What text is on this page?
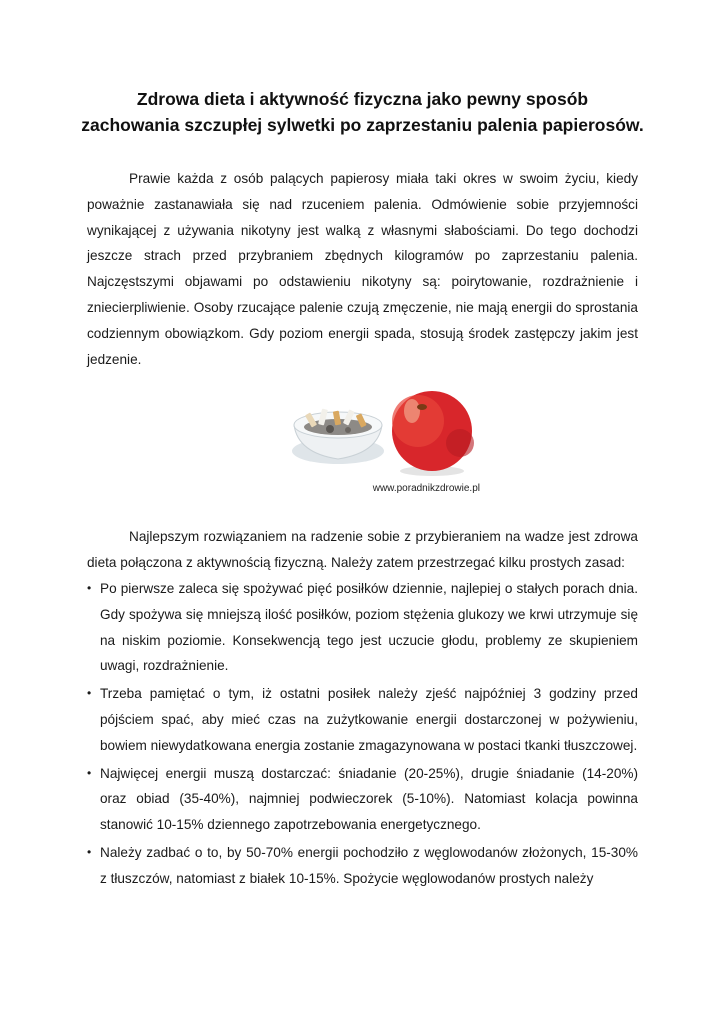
Zdrowa dieta i aktywność fizyczna jako pewny sposób
zachowania szczupłej sylwetki po zaprzestaniu palenia papierosów.

Prawie każda z osób palących papierosy miała taki okres w swoim życiu, kiedy poważnie zastanawiała się nad rzuceniem palenia. Odmówienie sobie przyjemności wynikającej z używania nikotyny jest walką z własnymi słabościami. Do tego dochodzi jeszcze strach przed przybraniem zbędnych kilogramów po zaprzestaniu palenia. Najczęstszymi objawami po odstawieniu nikotyny są: poirytowanie, rozdrażnienie i zniecierpliwienie. Osoby rzucające palenie czują zmęczenie, nie mają energii do sprostania codziennym obowiązkom. Gdy poziom energii spada, stosują środek zastępczy jakim jest jedzenie.

www.poradnikzdrowie.pl

Najlepszym rozwiązaniem na radzenie sobie z przybieraniem na wadze jest zdrowa dieta połączona z aktywnością fizyczną. Należy zatem przestrzegać kilku prostych zasad:

• Po pierwsze zaleca się spożywać pięć posiłków dziennie, najlepiej o stałych porach dnia. Gdy spożywa się mniejszą ilość posiłków, poziom stężenia glukozy we krwi utrzymuje się na niskim poziomie. Konsekwencją tego jest uczucie głodu, problemy ze skupieniem uwagi, rozdrażnienie.
• Trzeba pamiętać o tym, iż ostatni posiłek należy zjeść najpóźniej 3 godziny przed pójściem spać, aby mieć czas na zużytkowanie energii dostarczonej w pożywieniu, bowiem niewydatkowana energia zostanie zmagazynowana w postaci tkanki tłuszczowej.
• Najwięcej energii muszą dostarczać: śniadanie (20-25%), drugie śniadanie (14-20%) oraz obiad (35-40%), najmniej podwieczorek (5-10%). Natomiast kolacja powinna stanowić 10-15% dziennego zapotrzebowania energetycznego.
• Należy zadbać o to, by 50-70% energii pochodziło z węglowodanów złożonych, 15-30% z tłuszczów, natomiast z białek 10-15%. Spożycie węglowodanów prostych należy
